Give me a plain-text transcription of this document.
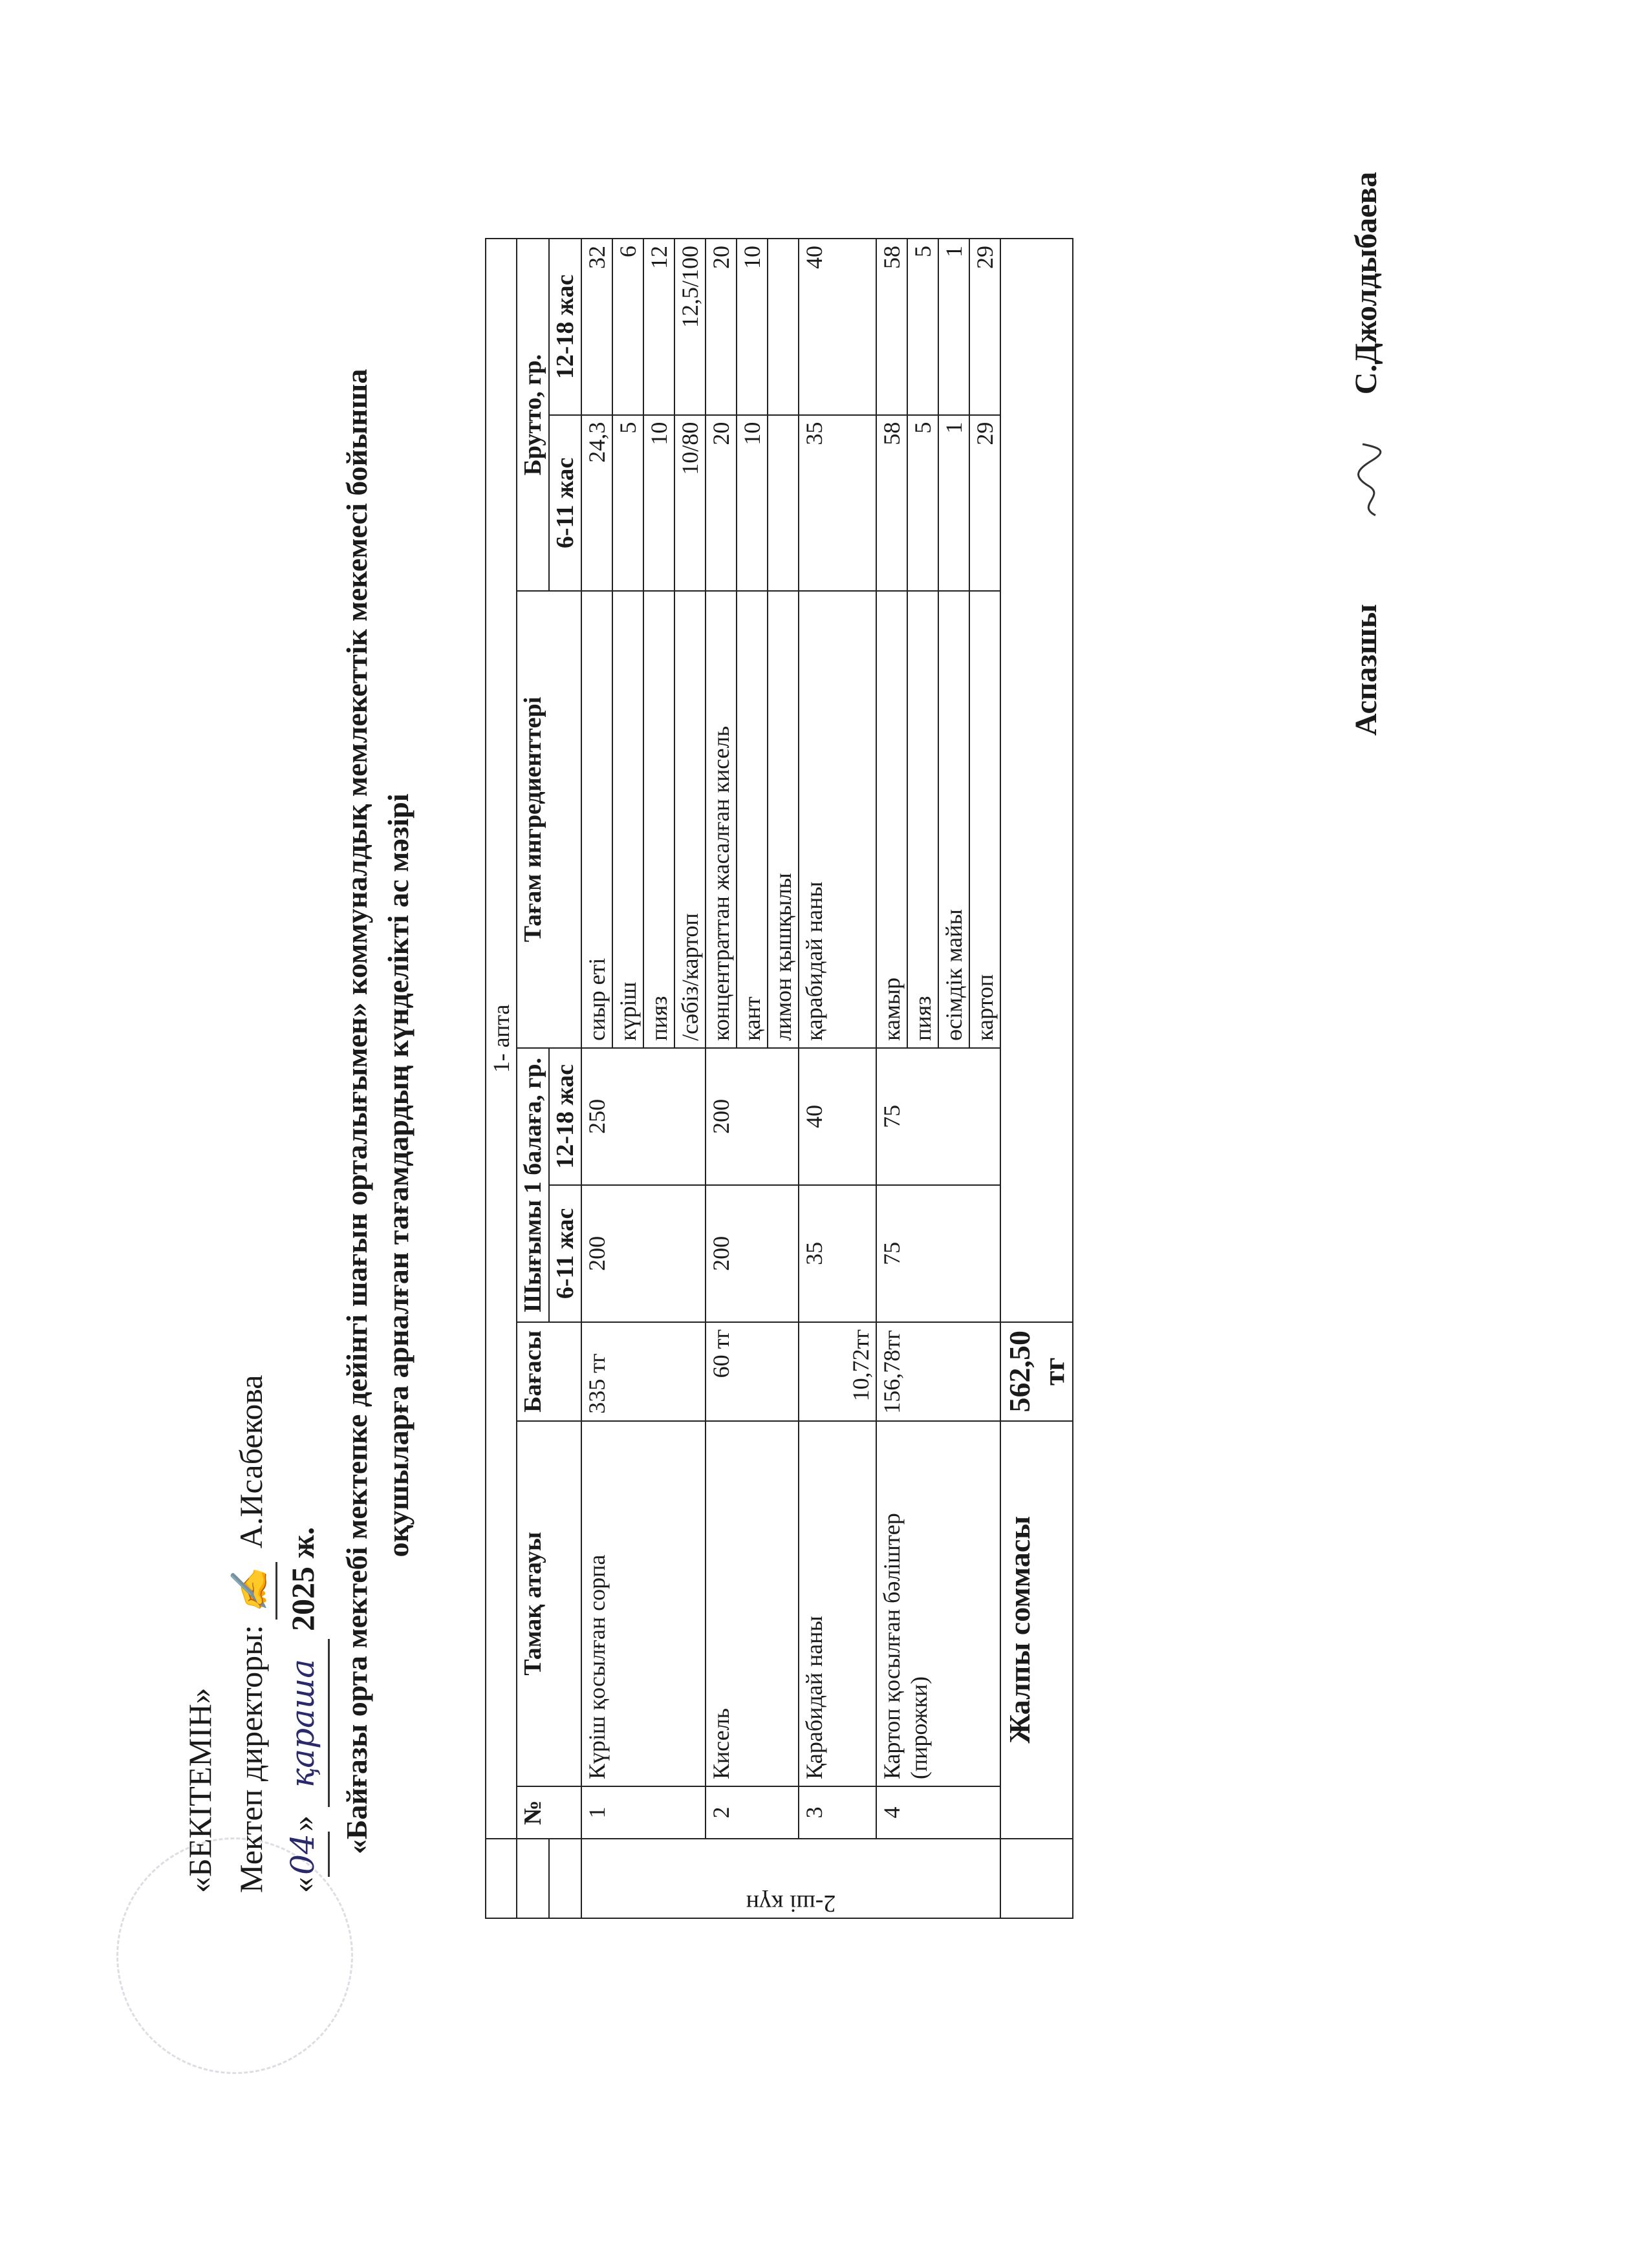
«БЕКІТЕМІН» Мектеп директоры:✍ А.Исабекова
«04» қараша 2025 ж. «Байғазы орта мектебі мектепке дейінгі шағын орталығымен» коммуналдық мемлекеттік мекемесі бойынша оқушыларға арналған тағамдардың күнделікті ас мәзірі
		1- апта							
	№	Тамақ атауы	Бағасы	Шығымы 1 балаға, гр.		Тағам ингредиенттері	Брутто, гр.	
				6-11 жас	12-18 жас		6-11 жас	12-18 жас

2-ші күн	1	Күріш қосылған сорпа	335 тг	200	250	сиыр еті	24,3	32
						күріш	5	6
						пияз	10	12
						/сәбіз/картоп	10/80	12,5/100
	2	Кисель	60 тг	200	200	концентраттан жасалған кисель	20	20
						қант	10	10
						лимон қышқылы		
	3	Қарабидай наны	10,72тг	35	40	қарабидай наны	35	40
	4	Картоп қосылған бәліштер (пирожки)	156,78тг	75	75	камыр	58	58
						пияз	5	5
						өсімдік майы	1	1
						картоп	29	29
	Жалпы соммасы		562,50 тг					
Аспазшы  С.Джолдыбаева
